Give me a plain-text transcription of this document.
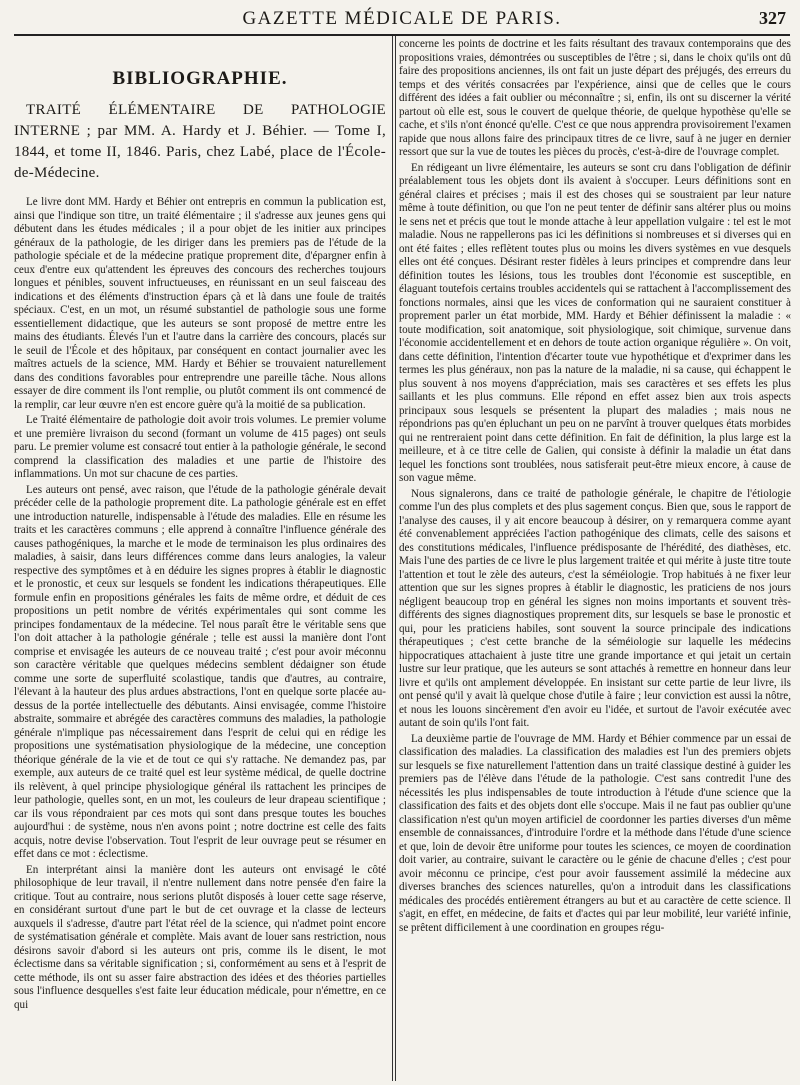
GAZETTE MÉDICALE DE PARIS.	327
BIBLIOGRAPHIE.
TRAITÉ ÉLÉMENTAIRE DE PATHOLOGIE INTERNE ; par MM. A. Hardy et J. Béhier. — Tome I, 1844, et tome II, 1846. Paris, chez Labé, place de l'École-de-Médecine.

Le livre dont MM. Hardy et Béhier ont entrepris en commun la publication est, ainsi que l'indique son titre, un traité élémentaire ; il s'adresse aux jeunes gens qui débutent dans les études médicales ; il a pour objet de les initier aux principes généraux de la pathologie, de les diriger dans les premiers pas de l'étude de la pathologie spéciale et de la médecine pratique proprement dite, d'épargner enfin à ceux d'entre eux qu'attendent les épreuves des concours des recherches toujours longues et pénibles, souvent infructueuses, en réunissant en un seul faisceau des indications et des éléments d'instruction épars çà et là dans une foule de traités spéciaux. C'est, en un mot, un résumé substantiel de pathologie sous une forme essentiellement didactique, que les auteurs se sont proposé de mettre entre les mains des étudiants. Élevés l'un et l'autre dans la carrière des concours, placés sur le seuil de l'École et des hôpitaux, par conséquent en contact journalier avec les maîtres actuels de la science, MM. Hardy et Béhier se trouvaient naturellement dans des conditions favorables pour entreprendre une pareille tâche. Nous allons essayer de dire comment ils l'ont remplie, ou plutôt comment ils ont commencé de la remplir, car leur œuvre n'en est encore guère qu'à la moitié de sa publication.

Le Traité élémentaire de pathologie doit avoir trois volumes. Le premier volume et une première livraison du second (formant un volume de 415 pages) ont seuls paru. Le premier volume est consacré tout entier à la pathologie générale, le second comprend la classification des maladies et une partie de l'histoire des inflammations. Un mot sur chacune de ces parties.

Les auteurs ont pensé, avec raison, que l'étude de la pathologie générale devait précéder celle de la pathologie proprement dite. La pathologie générale est en effet une introduction naturelle, indispensable à l'étude des maladies. Elle en résume les traits et les caractères communs ; elle apprend à connaître l'influence générale des causes pathogéniques, la marche et le mode de terminaison les plus ordinaires des maladies, à saisir, dans leurs différences comme dans leurs analogies, la valeur respective des symptômes et à en déduire les signes propres à établir le diagnostic et le pronostic, et ceux sur lesquels se fondent les indications thérapeutiques. Elle formule enfin en propositions générales les faits de même ordre, et déduit de ces propositions un petit nombre de vérités expérimentales qui sont comme les principes fondamentaux de la médecine. Tel nous paraît être le véritable sens que l'on doit attacher à la pathologie générale ; telle est aussi la manière dont l'ont comprise et envisagée les auteurs de ce nouveau traité ; c'est pour avoir méconnu son caractère véritable que quelques médecins semblent dédaigner son étude comme une sorte de superfluité scolastique, tandis que d'autres, au contraire, l'élevant à la hauteur des plus ardues abstractions, l'ont en quelque sorte placée au-dessus de la portée intellectuelle des débutants. Ainsi envisagée, comme l'histoire abstraite, sommaire et abrégée des caractères communs des maladies, la pathologie générale n'implique pas nécessairement dans l'esprit de celui qui en rédige les propositions une systématisation physiologique de la médecine, une conception théorique générale de la vie et de tout ce qui s'y rattache. Ne demandez pas, par exemple, aux auteurs de ce traité quel est leur système médical, de quelle doctrine ils relèvent, à quel principe physiologique général ils rattachent les principes de leur pathologie, quelles sont, en un mot, les couleurs de leur drapeau scientifique ; car ils vous répondraient par ces mots qui sont dans presque toutes les bouches aujourd'hui : de système, nous n'en avons point ; notre doctrine est celle des faits acquis, notre devise l'observation. Tout l'esprit de leur ouvrage peut se résumer en effet dans ce mot : éclectisme.

En interprétant ainsi la manière dont les auteurs ont envisagé le côté philosophique de leur travail, il n'entre nullement dans notre pensée d'en faire la critique. Tout au contraire, nous serions plutôt disposés à louer cette sage réserve, en considérant surtout d'une part le but de cet ouvrage et la classe de lecteurs auxquels il s'adresse, d'autre part l'état réel de la science, qui n'admet point encore de systématisation générale et complète. Mais avant de louer sans restriction, nous désirons savoir d'abord si les auteurs ont pris, comme ils le disent, le mot éclectisme dans sa véritable signification ; si, conformément au sens et à l'esprit de cette méthode, ils ont su asser faire abstraction des idées et des théories partielles sous l'influence desquelles s'est faite leur éducation médicale, pour n'émettre, en ce qui

concerne les points de doctrine et les faits résultant des travaux contemporains que des propositions vraies, démontrées ou susceptibles de l'être ; si, dans le choix qu'ils ont dû faire des propositions anciennes, ils ont fait un juste départ des préjugés, des erreurs du temps et des vérités consacrées par l'expérience, ainsi que de celles que le cours différent des idées a fait oublier ou méconnaître ; si, enfin, ils ont su discerner la vérité partout où elle est, sous le couvert de quelque théorie, de quelque hypothèse qu'elle se cache, et s'ils n'ont énoncé qu'elle. C'est ce que nous apprendra provisoirement l'examen rapide que nous allons faire des principaux titres de ce livre, sauf à ne juger en dernier ressort que sur la vue de toutes les pièces du procès, c'est-à-dire de l'ouvrage complet.

En rédigeant un livre élémentaire, les auteurs se sont cru dans l'obligation de définir préalablement tous les objets dont ils avaient à s'occuper. Leurs définitions sont en général claires et précises ; mais il est des choses qui se soustraient par leur nature même à toute définition, ou que l'on ne peut tenter de définir sans altérer plus ou moins le sens net et précis que tout le monde attache à leur appellation vulgaire : tel est le mot maladie. Nous ne rappellerons pas ici les définitions si nombreuses et si diverses qui en ont été faites ; elles reflètent toutes plus ou moins les divers systèmes en vue desquels elles ont été conçues. Désirant rester fidèles à leurs principes et comprendre dans leur définition toutes les lésions, tous les troubles dont l'économie est susceptible, en élaguant toutefois certains troubles accidentels qui se rattachent à l'accomplissement des fonctions normales, ainsi que les vices de conformation qui ne sauraient constituer à proprement parler un état morbide, MM. Hardy et Béhier définissent la maladie : « toute modification, soit anatomique, soit physiologique, soit chimique, survenue dans l'économie accidentellement et en dehors de toute action organique régulière ». On voit, dans cette définition, l'intention d'écarter toute vue hypothétique et d'exprimer dans les termes les plus généraux, non pas la nature de la maladie, ni sa cause, qui échappent le plus souvent à nos moyens d'appréciation, mais ses caractères et ses effets les plus saillants et les plus communs. Elle répond en effet assez bien aux trois aspects principaux sous lesquels se présentent la plupart des maladies ; mais nous ne répondrions pas qu'en épluchant un peu on ne parvînt à trouver quelques états morbides qui ne rentreraient point dans cette définition. En fait de définition, la plus large est la meilleure, et à ce titre celle de Galien, qui consiste à définir la maladie un état dans lequel les fonctions sont troublées, nous satisferait peut-être mieux encore, à cause de son vague même.

Nous signalerons, dans ce traité de pathologie générale, le chapitre de l'étiologie comme l'un des plus complets et des plus sagement conçus. Bien que, sous le rapport de l'analyse des causes, il y ait encore beaucoup à désirer, on y remarquera comme ayant été convenablement appréciées l'action pathogénique des climats, celle des saisons et des constitutions médicales, l'influence prédisposante de l'hérédité, des diathèses, etc. Mais l'une des parties de ce livre le plus largement traitée et qui mérite à juste titre toute l'attention et tout le zèle des auteurs, c'est la séméiologie. Trop habitués à ne fixer leur attention que sur les signes propres à établir le diagnostic, les praticiens de nos jours négligent beaucoup trop en général les signes non moins importants et souvent très-différents des signes diagnostiques proprement dits, sur lesquels se base le pronostic et qui, pour les praticiens habiles, sont souvent la source principale des indications thérapeutiques ; c'est cette branche de la séméiologie sur laquelle les médecins hippocratiques attachaient à juste titre une grande importance et qui jetait un certain lustre sur leur pratique, que les auteurs se sont attachés à remettre en honneur dans leur livre et qu'ils ont amplement développée. En insistant sur cette partie de leur livre, ils ont pensé qu'il y avait là quelque chose d'utile à faire ; leur conviction est aussi la nôtre, et nous les louons sincèrement d'en avoir eu l'idée, et surtout de l'avoir exécutée avec autant de soin qu'ils l'ont fait.

La deuxième partie de l'ouvrage de MM. Hardy et Béhier commence par un essai de classification des maladies. La classification des maladies est l'un des premiers objets sur lesquels se fixe naturellement l'attention dans un traité classique destiné à guider les premiers pas de l'élève dans l'étude de la pathologie. C'est sans contredit l'une des nécessités les plus indispensables de toute introduction à l'étude d'une science que la classification des faits et des objets dont elle s'occupe. Mais il ne faut pas oublier qu'une classification n'est qu'un moyen artificiel de coordonner les parties diverses d'un même ensemble de connaissances, d'introduire l'ordre et la méthode dans l'étude d'une science et que, loin de devoir être uniforme pour toutes les sciences, ce moyen de coordination doit varier, au contraire, suivant le caractère ou le génie de chacune d'elles ; c'est pour avoir méconnu ce principe, c'est pour avoir faussement assimilé la médecine aux diverses branches des sciences naturelles, qu'on a introduit dans les classifications médicales des procédés entièrement étrangers au but et au caractère de cette science. Il s'agit, en effet, en médecine, de faits et d'actes qui par leur mobilité, leur variété infinie, se prêtent difficilement à une coordination en groupes régu-
